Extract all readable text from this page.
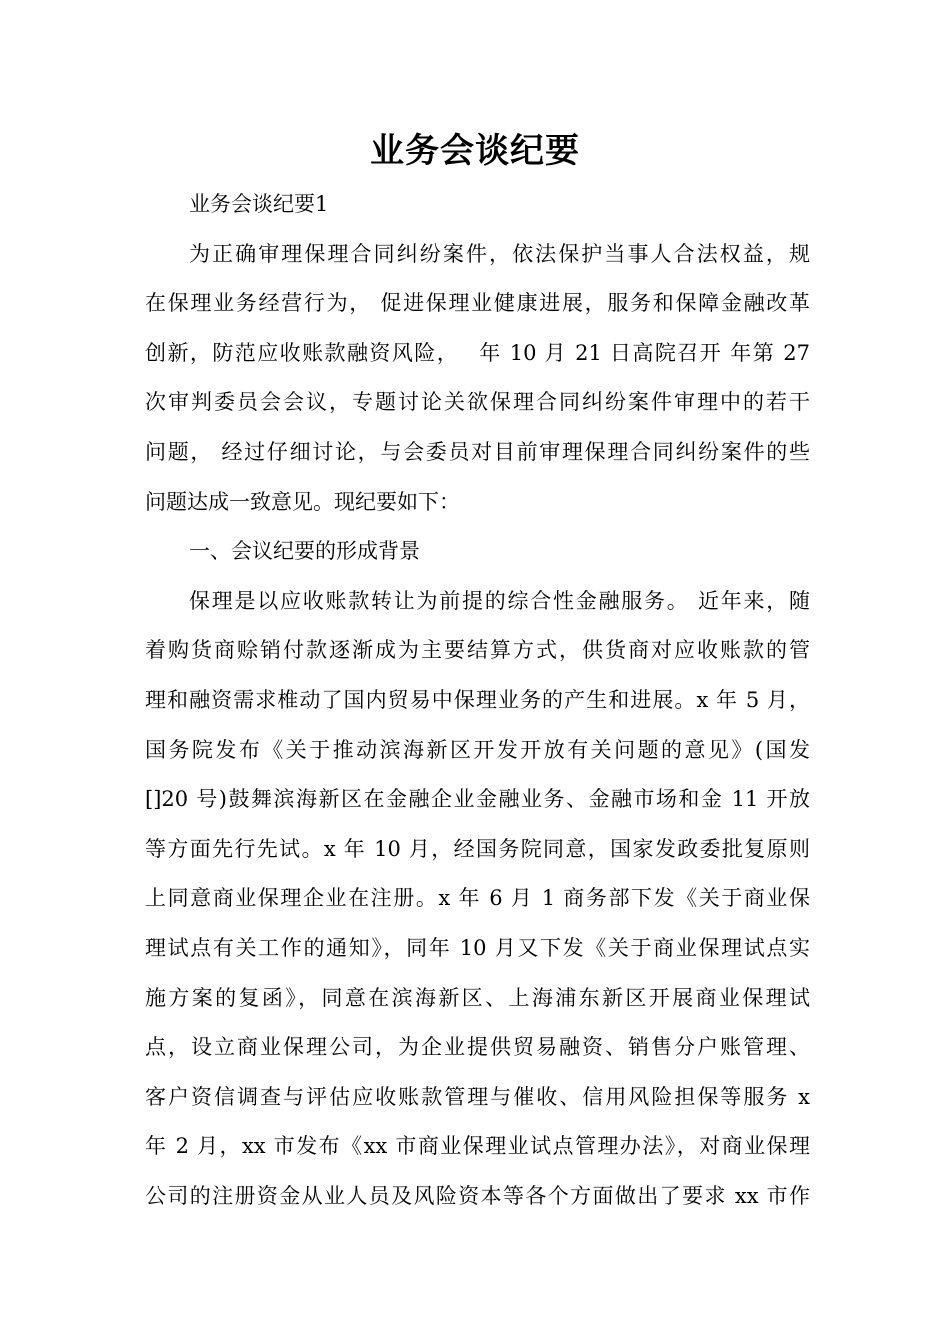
业务会谈纪要
业务会谈纪要1
为正确审理保理合同纠纷案件，依法保护当事人合法权益，规
在保理业务经营行为， 促进保理业健康进展，服务和保障金融改革
创新，防范应收账款融资风险，　 年 10 月 21 日高院召开 年第 27
次审判委员会会议，专题讨论关欲保理合同纠纷案件审理中的若干
问题， 经过仔细讨论，与会委员对目前审理保理合同纠纷案件的些
问题达成一致意见。现纪要如下：
一、会议纪要的形成背景
保理是以应收账款转让为前提的综合性金融服务。 近年来，随
着购货商赊销付款逐渐成为主要结算方式，供货商对应收账款的管
理和融资需求椎动了国内贸易中保理业务的产生和进展。x 年 5 月，
国务院发布《关于推动滨海新区开发开放有关问题的意见》(国发
[]20 号)鼓舞滨海新区在金融企业金融业务、金融市场和金 11 开放
等方面先行先试。x 年 10 月，经国务院同意，国家发政委批复原则
上同意商业保理企业在注册。x 年 6 月 1 商务部下发《关于商业保
理试点有关工作的通知》，同年 10 月又下发《关于商业保理试点实
施方案的复函》，同意在滨海新区、上海浦东新区开展商业保理试
点，设立商业保理公司，为企业提供贸易融资、销售分户账管理、
客户资信调查与评估应收账款管理与催收、信用风险担保等服务 x
年 2 月，xx 市发布《xx 市商业保理业试点管理办法》，对商业保理
公司的注册资金从业人员及风险资本等各个方面做出了要求 xx 市作
